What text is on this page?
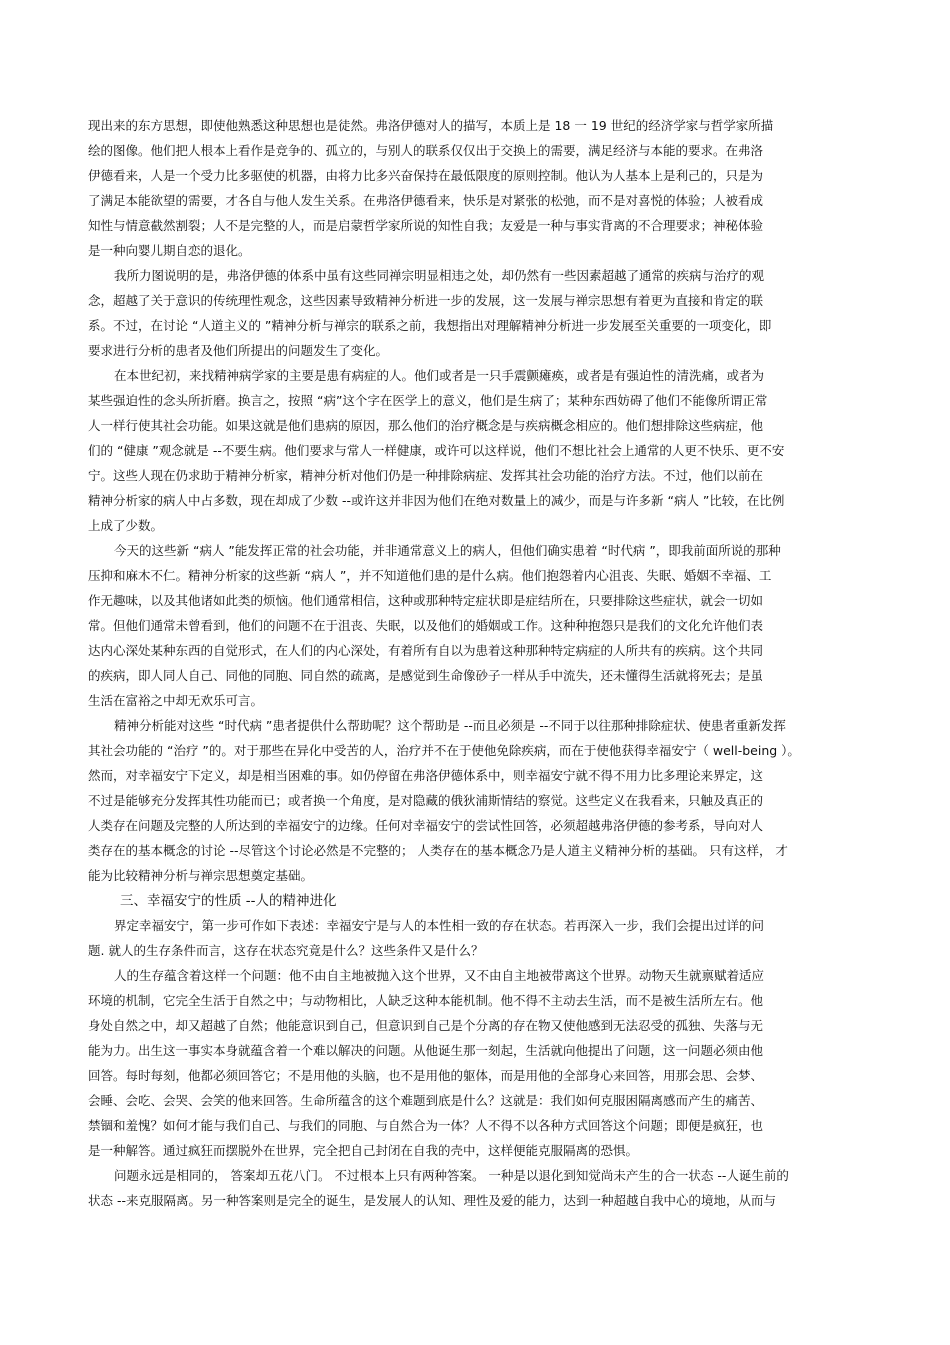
现出来的东方思想，即使他熟悉这种思想也是徒然。弗洛伊德对人的描写，本质上是 18 一 19 世纪的经济学家与哲学家所描
绘的图像。他们把人根本上看作是竞争的、孤立的，与别人的联系仅仅出于交换上的需要，满足经济与本能的要求。在弗洛
伊德看来，人是一个受力比多驱使的机器，由将力比多兴奋保持在最低限度的原则控制。他认为人基本上是利己的，只是为
了满足本能欲望的需要，才各自与他人发生关系。在弗洛伊德看来，快乐是对紧张的松弛，而不是对喜悦的体验；人被看成
知性与情意截然割裂；人不是完整的人，而是启蒙哲学家所说的知性自我；友爱是一种与事实背离的不合理要求；神秘体验
是一种向婴儿期自恋的退化。
我所力图说明的是，弗洛伊德的体系中虽有这些同禅宗明显相违之处，却仍然有一些因素超越了通常的疾病与治疗的观
念，超越了关于意识的传统理性观念，这些因素导致精神分析进一步的发展，这一发展与禅宗思想有着更为直接和肯定的联
系。不过，在讨论 “人道主义的 ”精神分析与禅宗的联系之前，我想指出对理解精神分析进一步发展至关重要的一项变化，即
要求进行分析的患者及他们所提出的问题发生了变化。
在本世纪初，来找精神病学家的主要是患有病症的人。他们或者是一只手震颤瘫痪，或者是有强迫性的清洗痛，或者为
某些强迫性的念头所折磨。换言之，按照 “病”这个字在医学上的意义，他们是生病了；某种东西妨碍了他们不能像所谓正常
人一样行使其社会功能。如果这就是他们患病的原因，那么他们的治疗概念是与疾病概念相应的。他们想排除这些病症，他
们的 “健康 ”观念就是 --不要生病。他们要求与常人一样健康，或许可以这样说，他们不想比社会上通常的人更不快乐、更不安
宁。这些人现在仍求助于精神分析家，精神分析对他们仍是一种排除病症、发挥其社会功能的治疗方法。不过，他们以前在
精神分析家的病人中占多数，现在却成了少数 --或许这并非因为他们在绝对数量上的减少，而是与许多新 “病人 ”比较，在比例
上成了少数。
今天的这些新 “病人 ”能发挥正常的社会功能，并非通常意义上的病人，但他们确实患着 “时代病 ”，即我前面所说的那种
压抑和麻木不仁。精神分析家的这些新 “病人 ”，并不知道他们患的是什么病。他们抱怨着内心沮丧、失眠、婚姻不幸福、工
作无趣味，以及其他诸如此类的烦恼。他们通常相信，这种或那种特定症状即是症结所在，只要排除这些症状，就会一切如
常。但他们通常未曾看到，他们的问题不在于沮丧、失眠，以及他们的婚姻或工作。这种种抱怨只是我们的文化允许他们表
达内心深处某种东西的自觉形式，在人们的内心深处，有着所有自以为患着这种那种特定病症的人所共有的疾病。这个共同
的疾病，即人同人自己、同他的同胞、同自然的疏离，是感觉到生命像砂子一样从手中流失，还未懂得生活就将死去；是虽
生活在富裕之中却无欢乐可言。
精神分析能对这些 “时代病 ”患者提供什么帮助呢？这个帮助是 --而且必须是 --不同于以往那种排除症状、使患者重新发挥
其社会功能的 “治疗 ”的。对于那些在异化中受苦的人，治疗并不在于使他免除疾病，而在于使他获得幸福安宁（ well-being ）。
然而，对幸福安宁下定义，却是相当困难的事。如仍停留在弗洛伊德体系中，则幸福安宁就不得不用力比多理论来界定，这
不过是能够充分发挥其性功能而已；或者换一个角度，是对隐藏的俄狄浦斯情结的察觉。这些定义在我看来，只触及真正的
人类存在问题及完整的人所达到的幸福安宁的边缘。任何对幸福安宁的尝试性回答，必须超越弗洛伊德的参考系，导向对人
类存在的基本概念的讨论 --尽管这个讨论必然是不完整的； 人类存在的基本概念乃是人道主义精神分析的基础。 只有这样， 才
能为比较精神分析与禅宗思想奠定基础。
三、幸福安宁的性质 --人的精神进化
界定幸福安宁，第一步可作如下表述：幸福安宁是与人的本性相一致的存在状态。若再深入一步，我们会提出过详的问
题. 就人的生存条件而言，这存在状态究竟是什么？这些条件又是什么？
人的生存蕴含着这样一个问题：他不由自主地被抛入这个世界，又不由自主地被带离这个世界。动物天生就禀赋着适应
环境的机制，它完全生活于自然之中；与动物相比，人缺乏这种本能机制。他不得不主动去生活，而不是被生活所左右。他
身处自然之中，却又超越了自然；他能意识到自己，但意识到自己是个分离的存在物又使他感到无法忍受的孤独、失落与无
能为力。出生这一事实本身就蕴含着一个难以解决的问题。从他诞生那一刻起，生活就向他提出了问题，这一问题必须由他
回答。每时每刻，他都必须回答它；不是用他的头脑，也不是用他的躯体，而是用他的全部身心来回答，用那会思、会梦、
会睡、会吃、会哭、会笑的他来回答。生命所蕴含的这个难题到底是什么？这就是：我们如何克服困隔离感而产生的痛苦、
禁锢和羞愧？如何才能与我们自己、与我们的同胞、与自然合为一体？人不得不以各种方式回答这个问题；即便是疯狂，也
是一种解答。通过疯狂而摆脱外在世界，完全把自己封闭在自我的壳中，这样便能克服隔离的恐惧。
问题永远是相同的， 答案却五花八门。 不过根本上只有两种答案。 一种是以退化到知觉尚未产生的合一状态 --人诞生前的
状态 --来克服隔离。另一种答案则是完全的诞生，是发展人的认知、理性及爱的能力，达到一种超越自我中心的境地，从而与
